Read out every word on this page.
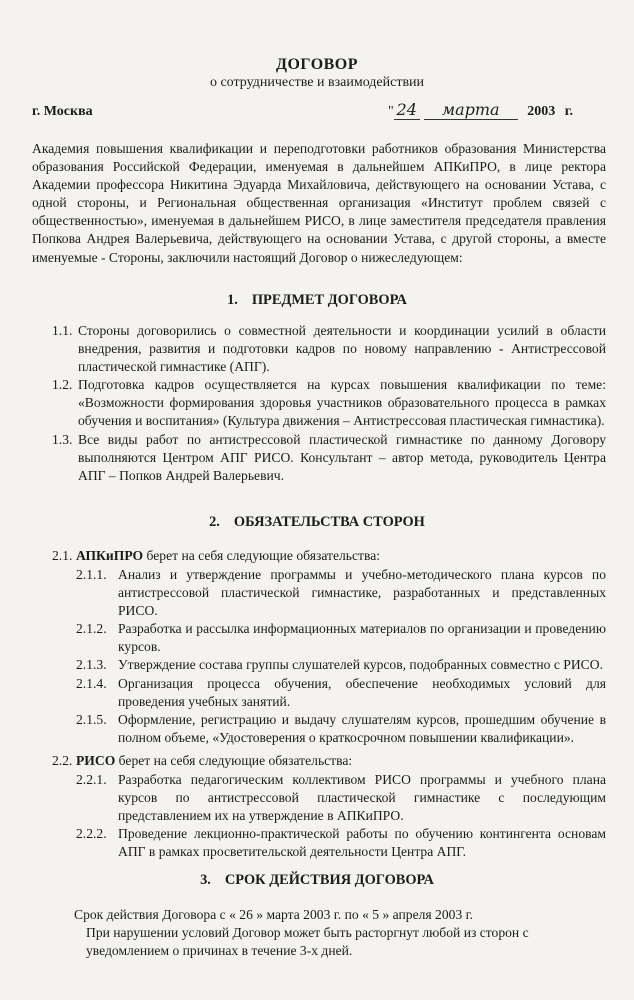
ДОГОВОР
о сотрудничестве и взаимодействии
г. Москва	" 24 марта 2003 г.
Академия повышения квалификации и переподготовки работников образования Министерства образования Российской Федерации, именуемая в дальнейшем АПКиПРО, в лице ректора Академии профессора Никитина Эдуарда Михайловича, действующего на основании Устава, с одной стороны, и Региональная общественная организация «Институт проблем связей с общественностью», именуемая в дальнейшем РИСО, в лице заместителя председателя правления Попкова Андрея Валерьевича, действующего на основании Устава, с другой стороны, а вместе именуемые - Стороны, заключили настоящий Договор о нижеследующем:
1. ПРЕДМЕТ ДОГОВОРА
1.1. Стороны договорились о совместной деятельности и координации усилий в области внедрения, развития и подготовки кадров по новому направлению - Антистрессовой пластической гимнастике (АПГ).
1.2. Подготовка кадров осуществляется на курсах повышения квалификации по теме: «Возможности формирования здоровья участников образовательного процесса в рамках обучения и воспитания» (Культура движения – Антистрессовая пластическая гимнастика).
1.3. Все виды работ по антистрессовой пластической гимнастике по данному Договору выполняются Центром АПГ РИСО. Консультант – автор метода, руководитель Центра АПГ – Попков Андрей Валерьевич.
2. ОБЯЗАТЕЛЬСТВА СТОРОН
2.1. АПКиПРО берет на себя следующие обязательства:
2.1.1. Анализ и утверждение программы и учебно-методического плана курсов по антистрессовой пластической гимнастике, разработанных и представленных РИСО.
2.1.2. Разработка и рассылка информационных материалов по организации и проведению курсов.
2.1.3. Утверждение состава группы слушателей курсов, подобранных совместно с РИСО.
2.1.4. Организация процесса обучения, обеспечение необходимых условий для проведения учебных занятий.
2.1.5. Оформление, регистрацию и выдачу слушателям курсов, прошедшим обучение в полном объеме, «Удостоверения о краткосрочном повышении квалификации».
2.2. РИСО берет на себя следующие обязательства:
2.2.1. Разработка педагогическим коллективом РИСО программы и учебного плана курсов по антистрессовой пластической гимнастике с последующим представлением их на утверждение в АПКиПРО.
2.2.2. Проведение лекционно-практической работы по обучению контингента основам АПГ в рамках просветительской деятельности Центра АПГ.
3. СРОК ДЕЙСТВИЯ ДОГОВОРА
Срок действия Договора с « 26 » марта 2003 г. по « 5 » апреля 2003 г.
При нарушении условий Договор может быть расторгнут любой из сторон с уведомлением о причинах в течение 3-х дней.
